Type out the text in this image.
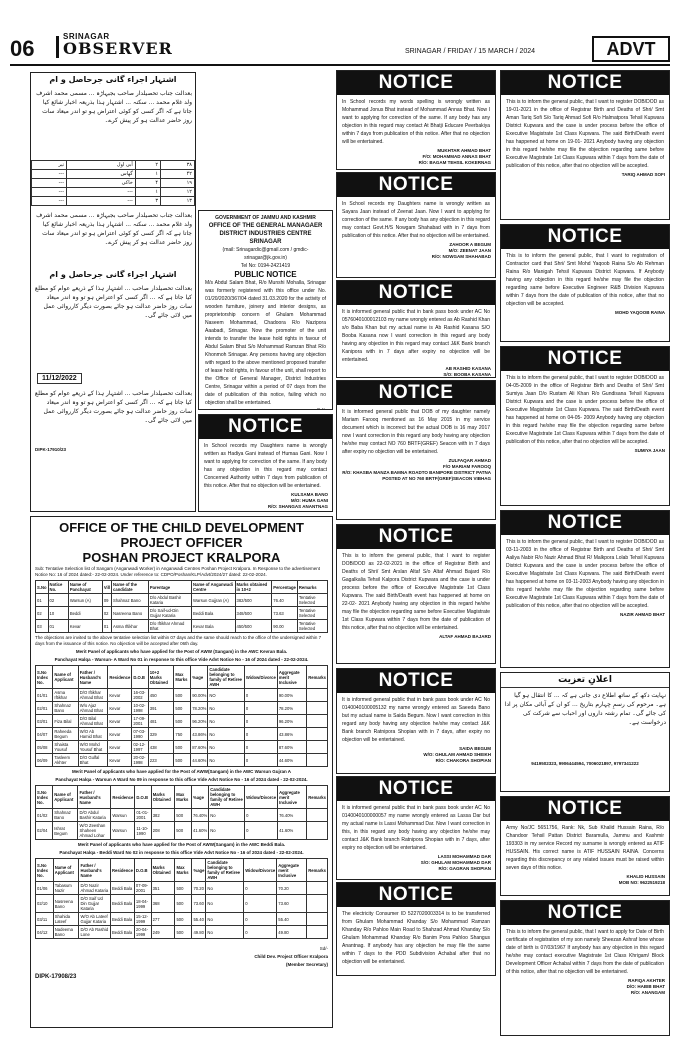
06	SRINAGAR
OBSERVER	SRINAGAR / FRIDAY / 15 MARCH / 2024	ADVT
اشتہار اجراء گانی جرحاصل و ام
بعدالت جناب تحصیلدار صاحب بجبہاڑہ ... مسمی محمد اشرف ولد غلام محمد ... سکنہ ... اشتہار ہذا بذریعہ اخبار شائع کیا جاتا ہے کہ اگر کسی کو کوئی اعتراض ہو تو اندر میعاد سات روز حاضر عدالت ہو کر پیش کرے۔
۳۸	۲	آبی اول	تیر
۴۲	۱	گھاس	---
۱۹	۴	خاکی	---
۱۲	۱	---	---
۱۳	۳	---	---
بعدالت جناب تحصیلدار صاحب بجبہاڑہ ... مسمی محمد اشرف ولد غلام محمد ... سکنہ ... اشتہار ہذا بذریعہ اخبار شائع کیا جاتا ہے کہ اگر کسی کو کوئی اعتراض ہو تو اندر میعاد سات روز حاضر عدالت ہو کر پیش کرے۔
اشتہار اجراء گانی جرحاصل و ام
بعدالت تحصیلدار صاحب ... اشتہار ہذا کے ذریعے عوام کو مطلع کیا جاتا ہے کہ ... اگر کسی کو اعتراض ہو تو وہ اندر میعاد سات روز حاضر عدالت ہو جائے بصورت دیگر کارروائی عمل میں لائی جائے گی۔
11/12/2022
بعدالت تحصیلدار صاحب ... اشتہار ہذا کے ذریعے عوام کو مطلع کیا جاتا ہے کہ ... اگر کسی کو اعتراض ہو تو وہ اندر میعاد سات روز حاضر عدالت ہو جائے بصورت دیگر کارروائی عمل میں لائی جائے گی۔
DIPK-17910/23
GOVERNMENT OF JAMMU AND KASHMIR
OFFICE OF THE GENERAL MANAGAER
DISTRICT INDUSTRIES CENTRE SRINAGAR
(mail: Srinagardic@gmail.com / gmdic-srinagar@jk.gov.in)
Tel No: 0194-2421419
PUBLIC NOTICE
M/s Abdul Salam Bhat, R/o Munshi Mohalla, Srinagar was formerly registered with this office under No. 01/20/2020/367/04 dated 31.03.2020 for the activity of wooden furniture, joinery and interior designs, as proprietorship concern of Ghulam Mohammad Naseem Mohammad, Chadoora R/o Nazipora Aaabadi, Srinagar. Now the promoter of the unit intends to transfer the lease hold rights in favour of Abdul Salam Bhat S/o Mohammad Ramzan Bhat R/o Khonmoh Srinagar. Any persons having any objection with regard to the above mentioned proposed transfer of lease hold rights, in favour of the unit, shall report to the Office of General Manager, District Industries Centre, Srinagar within a period of 07 days from the date of publication of this notice, failing which no objection shall be entertained.
NOTICE
In School records my words spelling is wrongly written as Mohammad Jonus Bhat instead of Mohammad Annas Bhat. Now I want to applying for correction of the same. If any body has any objection in this regard may contact At Bhatji Educare Peerbakiya within 7 days from publication of this notice. After that no objection will be entertained.
MUKHTAR AHMAD BHAT
F/O: MOHAMMAD ANNAS BHAT
R/O: BAGAM TEHSIL KOKERNAG
NOTICE
In School records my Daughters name is wrongly written as Sayara Jaan instead of Zeenat Jaan. Now I want to applying for correction of the same. If any body has any objection in this regard may contact Govt.H/S Nowgam Shahabad with in 7 days from publication of this notice. After that no objection will be entertained.
ZAHOOR A BEGUM
M/O: ZEENAT JAAN
R/O: NOWGAM SHAHABAD
NOTICE
It is informed general public that in bank pass book under AC No 0576040100012103 my name wrongly entered as Ab Rashid Khan s/o Baba Khan but my actual name is Ab Rashid Kasana S/O Booba Kasana now I want correction in this regard any body having any objection in this regard may contact J&K Bank branch Kanipora with in 7 days after expiry no objection will be entertained.
AB RASHID KASANA
S/O: BOOBA KASANA
NOTICE
It is informed general public that DOB of my daughter namely Mariam Farooq mentioned as 16 May 2015 in my service document which is incorrect but the actual DOB is 16 may 2017 now I want correction in this regard any body having any objection he/she may contact NO 760 BRTF(GREF) Seacon with in 7 days after expiry no objection will be entertained.
ZULFAQAR AHMAD
F/O MARIAM FAROOQ
R/O: KHASBA MANZA BAMNA ROADTO BANIPORE DISTRICT PATNA
POSTED AT NO 760 BRTF(GREF)SEACON VIBHAG
NOTICE
This is to inform the general public, that I want to register DOB/DOD as 22-02-2021 in the office of Registrar Birth and Deaths of Shri/ Smt Arslan Altaf S/o Altaf Ahmad Bajard R/o Gagalkalia Tehsil Kalpora District Kupwara and the case is under process before the office of Executive Magistrate 1st Class Kupwara. The said Birth/Death event has happened at home on 22-02- 2021 Anybody having any objection in this regard he/she may file the objection regarding same before Executive Magistrate 1st Class Kupwara within 7 days from the date of publication of this notice, after that no objection will be entertained.
ALTAF AHMAD BAJARD
NOTICE
It is informed general public that in bank pass book under AC No 0140040100005132 my name wrongly entered as Saeeda Bano but my actual name is Saida Begum. Now I want correction in this regard any body having any objection he/she may contact J&K Bank branch Ratnipora Shopian with in 7 days, after expiry no objection will be entertained.
SAIDA BEGUM
W/O: GHULAM AHMAD SHEIKH
R/O: CHAKORA SHOPIAN
NOTICE
It is informed general public that in bank pass book under AC No 0140040100000057 my name wrongly entered as Lassa Dar but my actual name is Lassi Mohammad Dar. Now I want correction in this, in this regard any body having any objection he/she may contact J&K Bank branch Ratnipora Shopian with in 7 days, after expiry no objection will be entertained.
LASSI MOHAMMAD DAR
S/O: GHULAM MOHAMMAD DAR
R/O: GAGRAN SHOPIAN
NOTICE
The electricity Consumer ID 5227020003314 is to be transferred from Ghulam Mohammad Khanday S/o Mohammad Ramzan Khanday R/o Pahloo Main Road to Shahzad Ahmad Khanday S/o Ghulam Mohammad Khanday R/o Banim Pora Pahloo Shangus Anantnag. If anybody has any objection he may file the same within 7 days to the PDD Subdivision Achabal after that no objection will be entertained.
NOTICE
In School records my Daughters name is wrongly written as Hadiya Gani instead of Humaa Gani. Now I want to applying for correction of the same. If any body has any objection in this regard may contact Concerned Authority within 7 days from publication of this notice. After that no objection will be entertained.
KULSAMA BANO
M/O: HUMA GANI
R/O: SHANGAS ANANTNAG
NOTICE
This is to inform the general public, that I want to register DOB/DOD as 19-01-2021 in the office of Registrar Birth and Deaths of Shri/ Smt Aman Tariq Sofi S/o Tariq Ahmad Sofi R/o Halmatpora Tehsil Kupwara District Kupwara and the case is under process before the office of Executive Magistrate 1st Class Kupwara. The said Birth/Death event has happened at home on 19-01- 2021 Anybody having any objection in this regard he/she may file the objection regarding same before Executive Magistrate 1st Class Kupwara within 7 days from the date of publication of this notice, after that no objection will be accepted.
TARIQ AHMAD SOFI
NOTICE
This is to inform the general public, that I want to registration of Contractor card that Shri/ Smt Mohd Yaqoob Raina S/o Ab Rehman Raina R/o Manigah Tehsil Kupwara District Kupwara. If Anybody having any objection in this regard he/she may file the objection regarding same before Executive Engineer R&B Division Kupwara within 7 days from the date of publication of this notice, after that no objection will be accepted.
MOHD YAQOOB RAINA
NOTICE
This is to inform the general public, that I want to register DOB/DOD as 04-05-2009 in the office of Registrar Birth and Deaths of Shri/ Smt Sumiya Jaan D/o Rustam Ali Khan R/o Gundisana Tehsil Kupwara District Kupwara and the case is under process before the office of Executive Magistrate 1st Class Kupwara. The said Birth/Death event has happened at home on 04-05- 2009 Anybody having any objection in this regard he/she may file the objection regarding same before Executive Magistrate 1st Class Kupwara within 7 days from the date of publication of this notice, after that no objection will be accepted.
SUMIYA JAAN
NOTICE
This is to inform the general public, that I want to register DOB/DOD as 03-11-2003 in the office of Registrar Birth and Deaths of Shri/ Smt Aaliya Nabir R/o Nazir Ahmad Bhat R/ Malkpora Lolab Tehsil Kupwara District Kupwara and the case is under process before the office of Executive Magistrate 1st Class Kupwara. The said Birth/Death event has happened at home on 03-11-2003 Anybody having any objection in this regard he/she may file the objection regarding same before Executive Magistrate 1st Class Kupwara within 7 days from the date of publication of this notice, after that no objection will be accepted.
NAZIR AHMAD BHAT
اعلانِ تعزیت
نہایت دکھ کے ساتھ اطلاع دی جاتی ہے کہ ... کا انتقال ہو گیا ہے۔ مرحوم کی رسمِ چہارم بتاریخ ... کو ان کے آبائی مکان پر ادا کی جائے گی۔ تمام رشتہ داروں اور احباب سے شرکت کی درخواست ہے۔
9419502323, 9906444594, 7006021897, 9797341222
NOTICE
Army No/JC 5651756, Rank: Nk, Sub Khalid Hussain Raina, R/o Chandoor Tehsil Pattan District Baramulla, Jammu and Kashmir 193303 in my service Record my surname is wrongly entered as ATIF HUSSAIN. His correct name is ATIF HUSSAIN RAINA. Concerns regarding this discrepancy or any related issues must be raised within seven days of this notice.
KHALID HUSSAIN
MOB NO: 9622519218
NOTICE
This is to inform the general public, that I want to apply for Date of Birth certificate of registration of my son namely Sheezan Ashraf lone whose date of birth is 07/03/1967 If anybody has any objection in this regard he/she may contact executive Magistrate 1st Class Khrigam/ Block Development Officer Achabal within 7 days from the date of publication of this notice, after that no objection will be entertained.
RAFIQA AKHTER
D/O: HABIB BHAT
R/O: ANANGAM
OFFICE OF THE CHILD DEVELOPMENT PROJECT OFFICER
POSHAN PROJECT KRALPORA
Sub: Tentative Selection list of Sangam (Anganwadi Worker) in Anganwadi Centres Poshan Project Kralpora. In Response to the advertisement Notice No: 16 of 2024 dated:- 22-02-2024. Under reference to: CDPO/Poshan/KLP/Advt/2024/27 dated: 22-02-2024.
S.No	Notice No.	Name of Panchayat	Vill	Name of the candidate	Parentage	Name of Anganwadi Centre	Marks obtained in 10+2	Percentage	Remarks
01	02	Warsun (A)	09	Shahnaz Bano	D/o Abdul Bashir Kataria	Warsun Gujjran (A)	382/500	76.40	Tentative Selected
02	10	Beddi	02	Nasreena Bano	D/o Saif-ud-Din Gujjar Kataria	Beddi Bala	348/500	73.63	Tentative Selected
03	01	Kevar	01	Asma Iftikhar	D/o Iftikhar Ahmad Bhat	Kevar Bala	450/500	90.00	Tentative Selected
The objections are invited to the above tentative selection list within 07 days and the same should reach to the office of the undersigned within 7 days from the issuance of this notice. No objection will be accepted after 06th day.
Merit Panel of applicants who have applied for the Post of AWW (Sangam) in the AWC Kevran Bala.
Panchayat Halqa - Warsun- A Ward No 01 in response to this office Vide Advt Notice No - 16 of 2024 dated - 22-02-2024.
S.No Index No.	Name of Applicant	Father / Husband's Name	Residence	D.O.B	10+2 Marks Obtained	Max Marks	%age	Candidate belonging to family of Retiree AWH	Widow/Divorce	Aggregate merit Inclusive	Remarks
01/01	Asma Iftikhar	D/O Iftikhar Ahmad Bhat	Kevar	16-03-2002	450	500	90.00%	NO	0	90.00%	
02/01	Shahnaz Bano	W/o Ajaz Ahmad Bhat	Kevar	10-02-1998	391	500	78.20%	No	0	78.20%	
03/01	Fiza Bilal	D/O Bilal Ahmad Bhat	Kevar	17-09-2001	481	500	96.20%	No	0	96.20%	
04/07	Raheeda Begum	W/O Ab Hamid Bhat	Kevar	07-03-1990	329	750	43.86%	No	0	43.86%	
05/08	Shaista Yousuf	W/O Mohd Yousuf Bhat	Kevar	02-12-1997	438	500	87.60%	No	0	87.60%	
06/09	Tasleem Akhter	D/O Gulfal Bhat	Kevar	20-02-1998	223	500	44.60%	No	0	44.60%	
Merit Panel of applicants who have applied for the Post of AWW(Sangam) in the AWC Warsun Gujran A
Panchayat Halqa - Warsun A Ward No 09 in response to this office Vide Advt Notice No - 16 of 2024 dated - 22-02-2024.
S.No Index No.	Name of Applicant	Father / Husband's Name	Residence	D.O.B	Marks Obtained	Max Marks	%age	Candidate belonging to family of Retiree AWH	Widow/Divorce	Aggregate merit Inclusive	Remarks
01/02	Shahnaz Bano	D/O Abdul Bashir Kataria	Warsun	01-01-2001	382	500	76.40%	No	0	76.40%	
02/04	Ishrat Begum	W/O Zeeshan Shaheen Ahmad Lohar	Warsun	11-10-1990	208	500	41.60%	No	0	41.60%	
Merit Panel of applicants who have applied for the Post of AWW(Sangam) in the AWC Beddi Bala.
Panchayat Halqa - Beddi Ward No 02 in response to this office Vide Advt Notice No - 16 of 2024 dated - 22-02-2024.
S.No Index No.	Name of Applicant	Father / Husband's Name	Residence	D.O.B	Marks Obtained	Max Marks	%age	Candidate belonging to family of Retiree AWH	Widow/Divorce	Aggregate merit Inclusive	Remarks
01/06	Tabasum Nazir	D/O Nazir Ahmad Kataria	Beddi Bala	07-09-2001	351	500	70.20	No	0	70.20	
02/10	Nasreena Bano	D/O Saif Ud Din Gujjar Kataria	Beddi Bala	18-04-1999	368	500	73.60	No	0	73.60	
03/11	Shahida Lateef	W/O Ab Lateef Gujjar Kataria	Beddi Bala	15-12-1999	277	500	55.40	No	0	55.40	
04/12	Nadeema Bano	D/O Ab Rashid Lone	Beddi Bala	20-04-1999	249	500	49.80	No	0	49.80	
Sd/-
Child Dev. Project Officer Kralpora
(Member Secretary)
DIPK-17908/23
